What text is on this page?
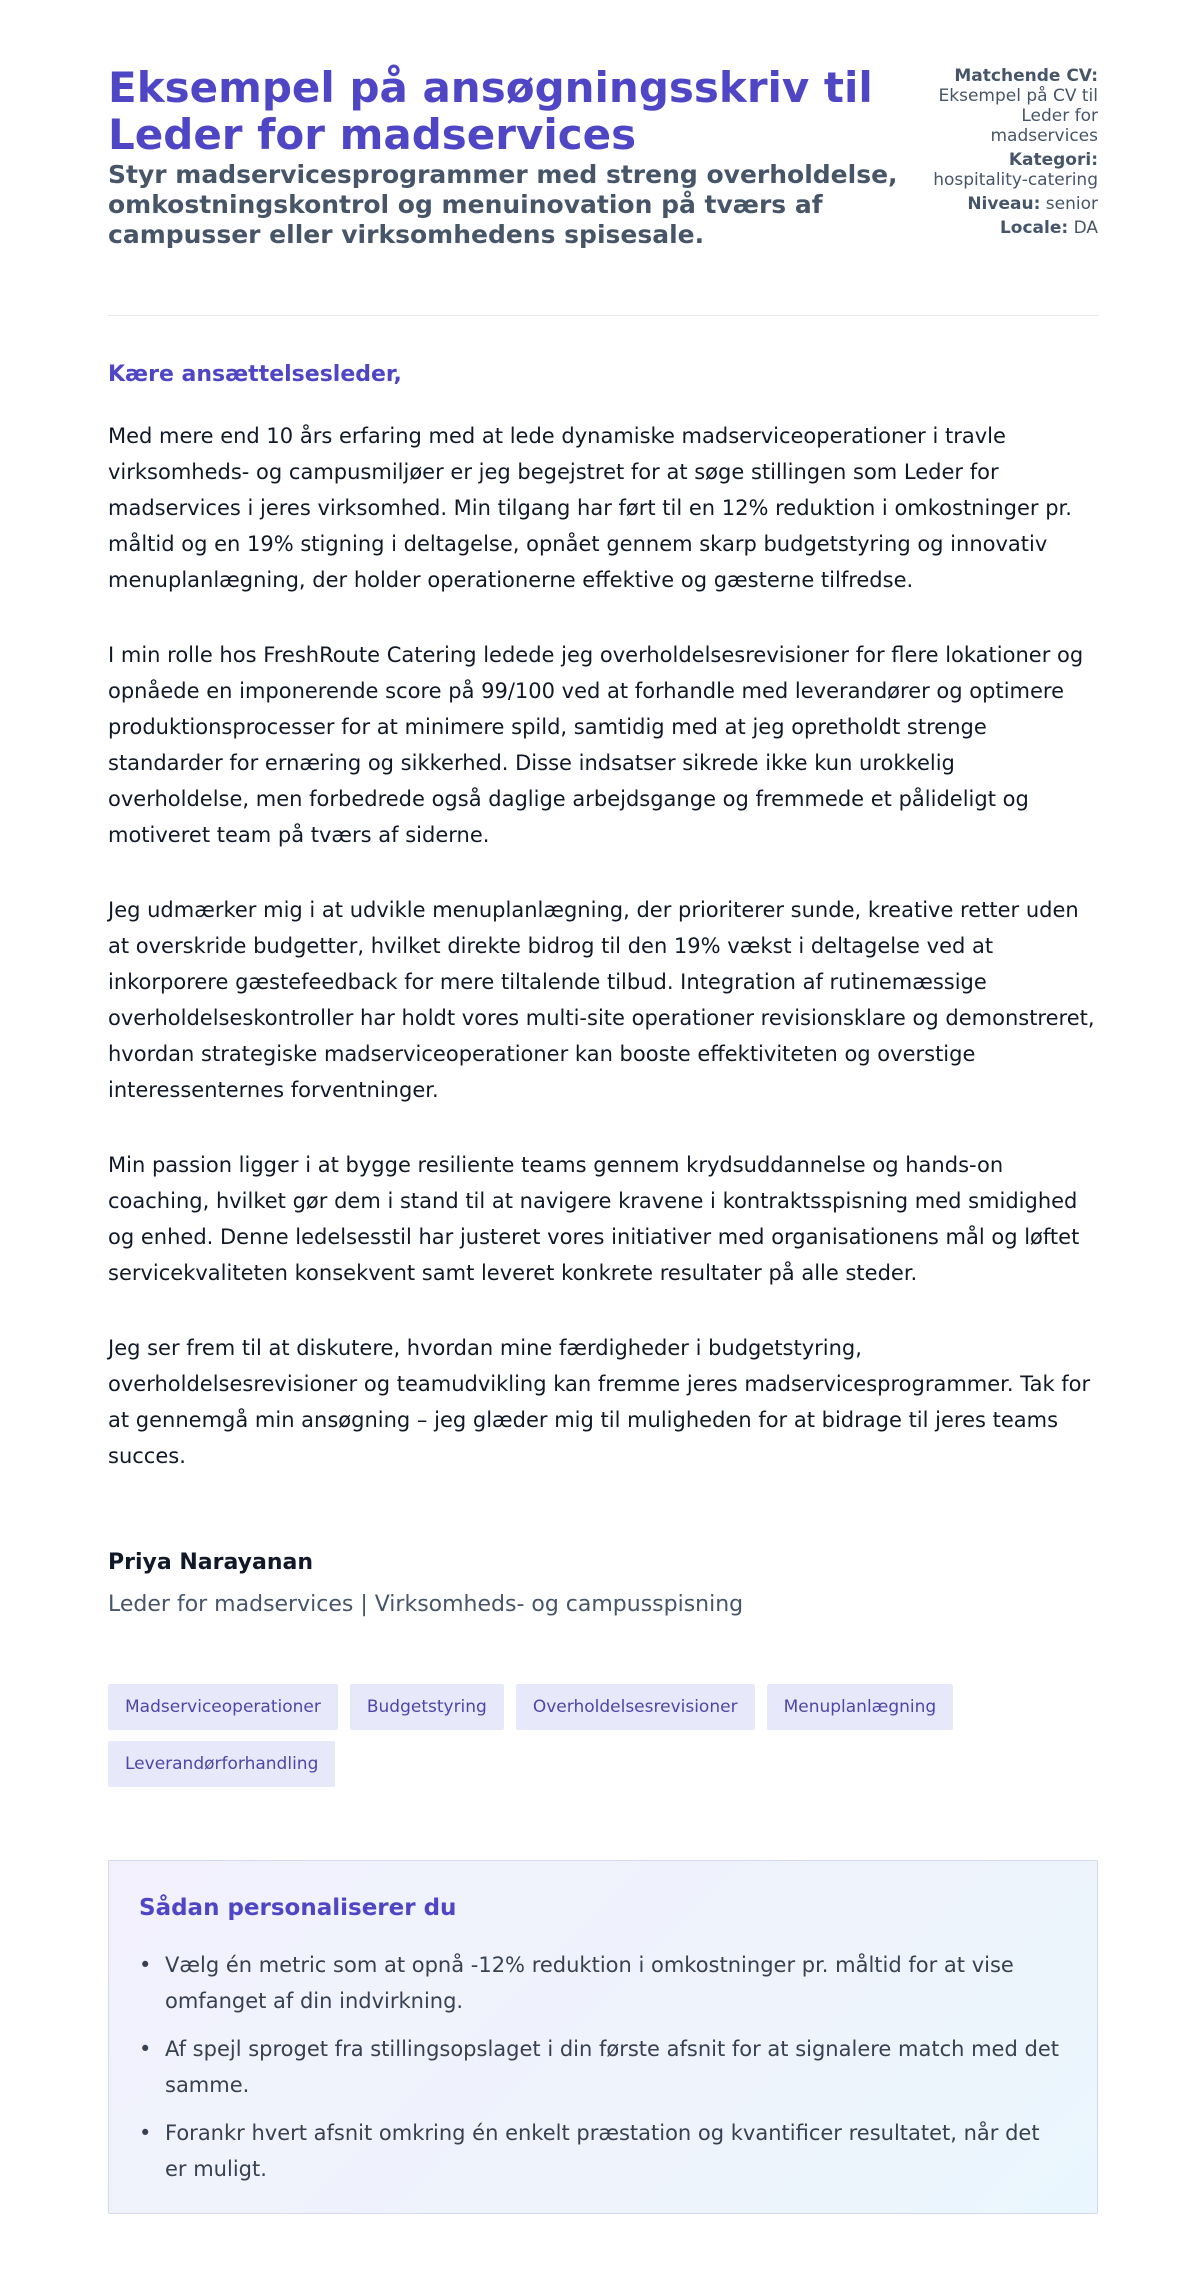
Eksempel på ansøgningsskriv til Leder for madservices
Styr madservicesprogrammer med streng overholdelse, omkostningskontrol og menuinovation på tværs af campusser eller virksomhedens spisesale.
Matchende CV:
Eksempel på CV til Leder for madservices
Kategori:
hospitality-catering
Niveau: senior
Locale: DA
Kære ansættelsesleder,

Med mere end 10 års erfaring med at lede dynamiske madserviceoperationer i travle virksomheds- og campusmiljøer er jeg begejstret for at søge stillingen som Leder for madservices i jeres virksomhed. Min tilgang har ført til en 12% reduktion i omkostninger pr. måltid og en 19% stigning i deltagelse, opnået gennem skarp budgetstyring og innovativ menuplanlægning, der holder operationerne effektive og gæsterne tilfredse.

I min rolle hos FreshRoute Catering ledede jeg overholdelsesrevisioner for flere lokationer og opnåede en imponerende score på 99/100 ved at forhandle med leverandører og optimere produktionsprocesser for at minimere spild, samtidig med at jeg opretholdt strenge standarder for ernæring og sikkerhed. Disse indsatser sikrede ikke kun urokkelig overholdelse, men forbedrede også daglige arbejdsgange og fremmede et pålideligt og motiveret team på tværs af siderne.

Jeg udmærker mig i at udvikle menuplanlægning, der prioriterer sunde, kreative retter uden at overskride budgetter, hvilket direkte bidrog til den 19% vækst i deltagelse ved at inkorporere gæstefeedback for mere tiltalende tilbud. Integration af rutinemæssige overholdelseskontroller har holdt vores multi-site operationer revisionsklare og demonstreret, hvordan strategiske madserviceoperationer kan booste effektiviteten og overstige interessenternes forventninger.

Min passion ligger i at bygge resiliente teams gennem krydsuddannelse og hands-on coaching, hvilket gør dem i stand til at navigere kravene i kontraktsspisning med smidighed og enhed. Denne ledelsesstil har justeret vores initiativer med organisationens mål og løftet servicekvaliteten konsekvent samt leveret konkrete resultater på alle steder.

Jeg ser frem til at diskutere, hvordan mine færdigheder i budgetstyring, overholdelsesrevisioner og teamudvikling kan fremme jeres madservicesprogrammer. Tak for at gennemgå min ansøgning – jeg glæder mig til muligheden for at bidrage til jeres teams succes.

Priya Narayanan
Leder for madservices | Virksomheds- og campusspisning
Madserviceoperationer	Budgetstyring	Overholdelsesrevisioner	Menuplanlægning
Leverandørforhandling
Sådan personaliserer du
• Vælg én metric som at opnå -12% reduktion i omkostninger pr. måltid for at vise omfanget af din indvirkning.
• Af spejl sproget fra stillingsopslaget i din første afsnit for at signalere match med det samme.
• Forankr hvert afsnit omkring én enkelt præstation og kvantificer resultatet, når det er muligt.
